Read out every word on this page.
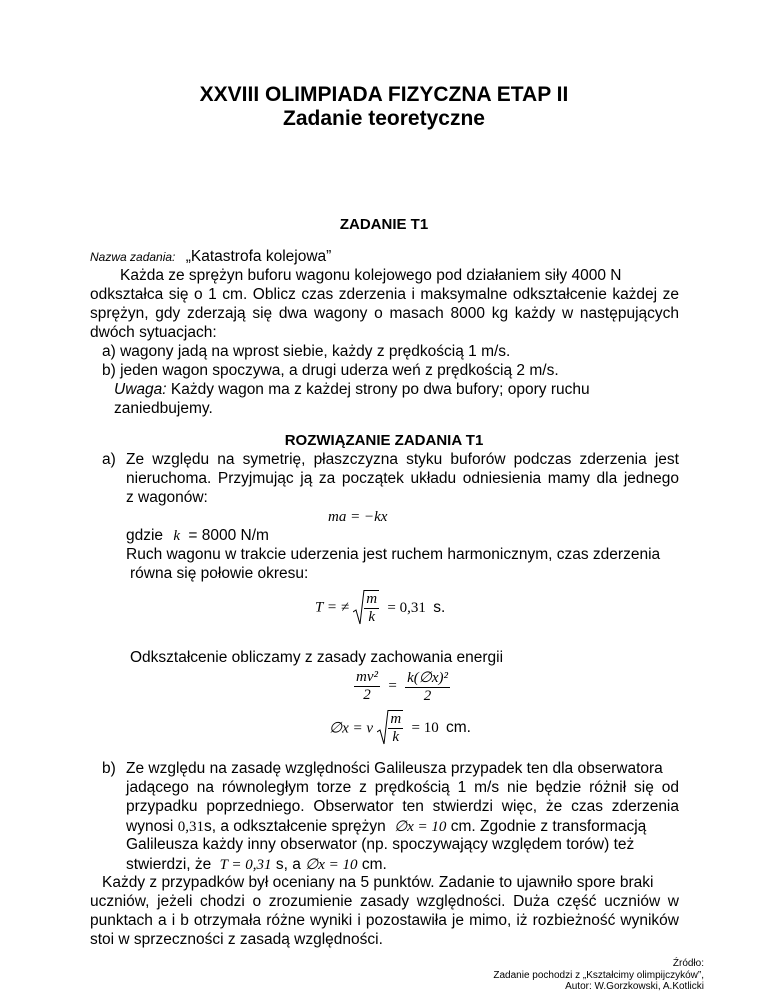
XXVIII OLIMPIADA FIZYCZNA ETAP II
Zadanie teoretyczne
ZADANIE T1
Nazwa zadania: „Katastrofa kolejowa”
Każda ze sprężyn buforu wagonu kolejowego pod działaniem siły 4000 N
odkształca się o 1 cm. Oblicz czas zderzenia i maksymalne odkształcenie każdej ze
sprężyn, gdy zderzają się dwa wagony o masach 8000 kg każdy w następujących
dwóch sytuacjach:
a) wagony jadą na wprost siebie, każdy z prędkością 1 m/s.
b) jeden wagon spoczywa, a drugi uderza weń z prędkością 2 m/s.
Uwaga: Każdy wagon ma z każdej strony po dwa bufory; opory ruchu
zaniedbujemy.
ROZWIĄZANIE ZADANIA T1
a) Ze względu na symetrię, płaszczyzna styku buforów podczas zderzenia jest
nieruchoma. Przyjmując ją za początek układu odniesienia mamy dla jednego
z wagonów:
ma = −kx
gdzie k = 8000 N/m
Ruch wagonu w trakcie uderzenia jest ruchem harmonicznym, czas zderzenia
równa się połowie okresu:
T = ≠ $\frac{m}{k} = 0,31$ s.
Odkształcenie obliczamy z zasady zachowania energii
$\frac{\text{mv²}}{2} = \frac{\text{k(∅x)²}}{2}$
∅x = v $\frac{m}{k} = 10$ cm.
b) Ze względu na zasadę względności Galileusza przypadek ten dla obserwatora
jadącego na równoległym torze z prędkością 1 m/s nie będzie różnił się od
przypadku poprzedniego. Obserwator ten stwierdzi więc, że czas zderzenia
wynosi 0,31s, a odkształcenie sprężyn ∅x = 10 cm. Zgodnie z transformacją
Galileusza każdy inny obserwator (np. spoczywający względem torów) też
stwierdzi, że T = 0,31 s, a ∅x = 10 cm.
Każdy z przypadków był oceniany na 5 punktów. Zadanie to ujawniło spore braki
uczniów, jeżeli chodzi o zrozumienie zasady względności. Duża część uczniów w
punktach a i b otrzymała różne wyniki i pozostawiła je mimo, iż rozbieżność wyników
stoi w sprzeczności z zasadą względności.
Źródło:
Zadanie pochodzi z „Kształcimy olimpijczyków”,
Autor: W.Gorzkowski, A.Kotlicki
